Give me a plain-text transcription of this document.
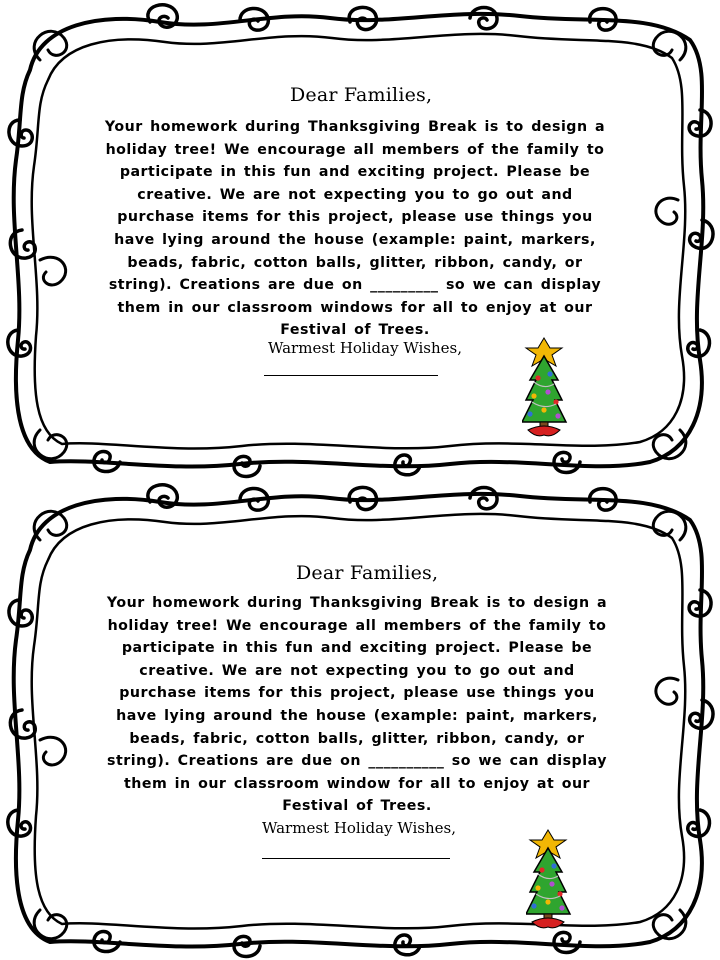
Dear Families,
Your homework during Thanksgiving Break is to design a holiday tree! We encourage all members of the family to participate in this fun and exciting project. Please be creative. We are not expecting you to go out and purchase items for this project, please use things you have lying around the house (example: paint, markers, beads, fabric, cotton balls, glitter, ribbon, candy, or string). Creations are due on _________ so we can display them in our classroom windows for all to enjoy at our Festival of Trees.
Warmest Holiday Wishes,
Dear Families,
Your homework during Thanksgiving Break is to design a holiday tree! We encourage all members of the family to participate in this fun and exciting project. Please be creative. We are not expecting you to go out and purchase items for this project, please use things you have lying around the house (example: paint, markers, beads, fabric, cotton balls, glitter, ribbon, candy, or string). Creations are due on __________ so we can display them in our classroom window for all to enjoy at our Festival of Trees.
Warmest Holiday Wishes,
